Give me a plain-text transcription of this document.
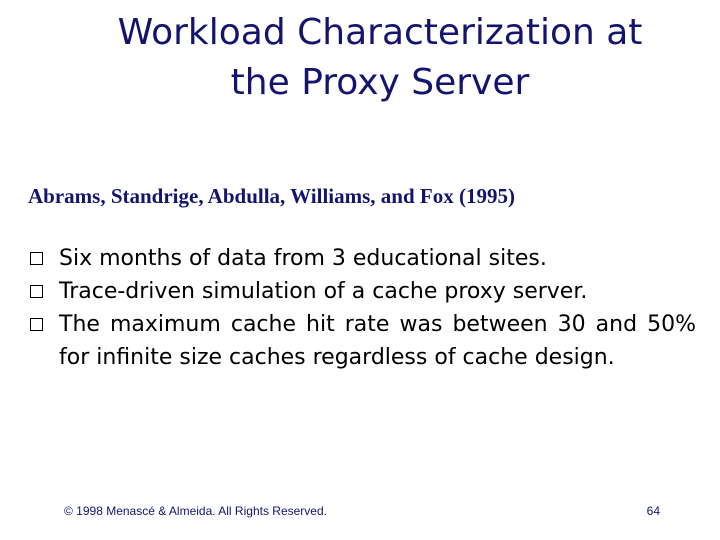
Workload Characterization at
the Proxy Server
Abrams, Standrige, Abdulla, Williams, and Fox (1995)
Six months of data from 3 educational sites.
Trace-driven simulation of a cache proxy server.
The maximum cache hit rate was between 30 and 50% for infinite size caches regardless of cache design.
© 1998 Menascé & Almeida. All Rights Reserved.	64
